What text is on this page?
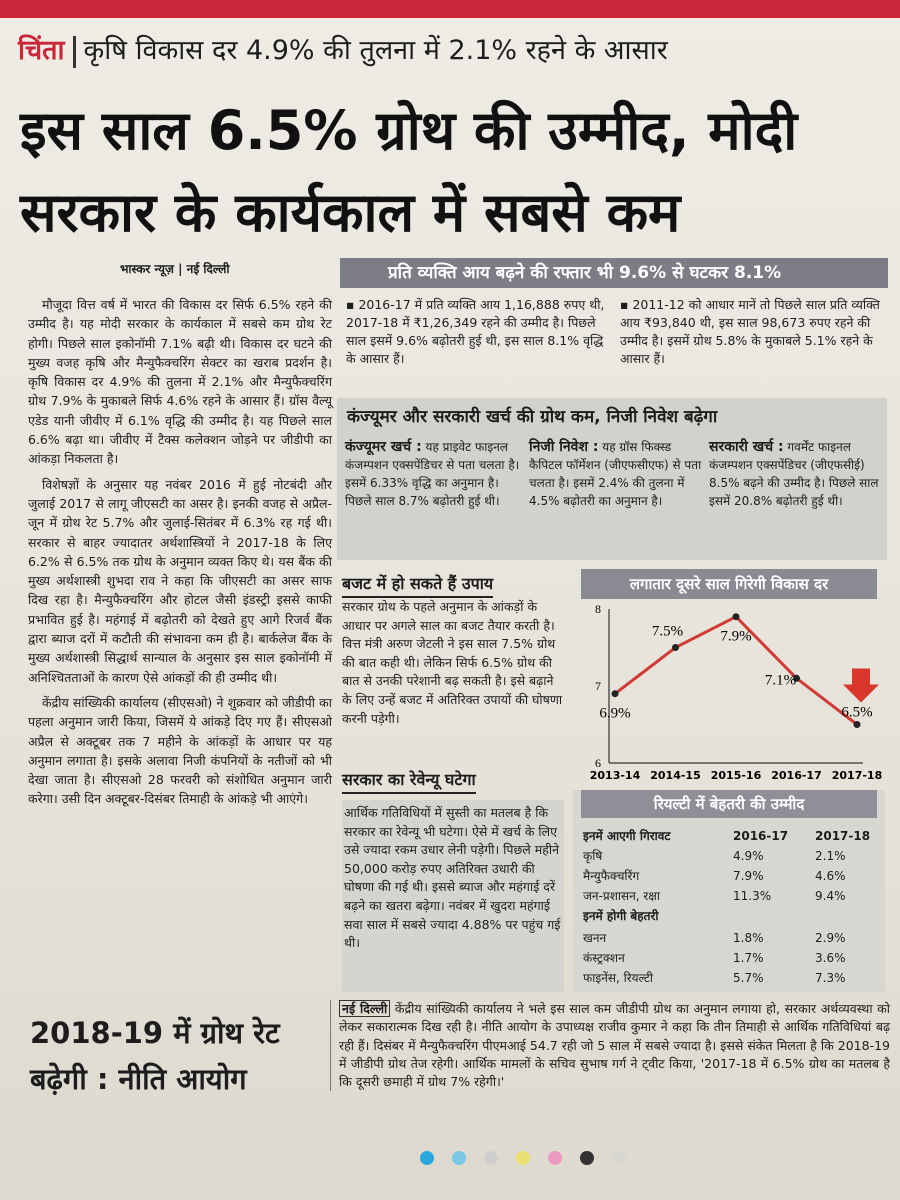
चिंता कृषि विकास दर 4.9% की तुलना में 2.1% रहने के आसार
इस साल 6.5% ग्रोथ की उम्मीद, मोदी
सरकार के कार्यकाल में सबसे कम
भास्कर न्यूज़ | नई दिल्ली

मौजूदा वित्त वर्ष में भारत की विकास दर सिर्फ 6.5% रहने की उम्मीद है। यह मोदी सरकार के कार्यकाल में सबसे कम ग्रोथ रेट होगी। पिछले साल इकोनॉमी 7.1% बढ़ी थी। विकास दर घटने की मुख्य वजह कृषि और मैन्युफैक्चरिंग सेक्टर का खराब प्रदर्शन है। कृषि विकास दर 4.9% की तुलना में 2.1% और मैन्युफैक्चरिंग ग्रोथ 7.9% के मुकाबले सिर्फ 4.6% रहने के आसार हैं। ग्रॉस वैल्यू एडेड यानी जीवीए में 6.1% वृद्धि की उम्मीद है। यह पिछले साल 6.6% बढ़ा था। जीवीए में टैक्स कलेक्शन जोड़ने पर जीडीपी का आंकड़ा निकलता है।

विशेषज्ञों के अनुसार यह नवंबर 2016 में हुई नोटबंदी और जुलाई 2017 से लागू जीएसटी का असर है। इनकी वजह से अप्रैल-जून में ग्रोथ रेट 5.7% और जुलाई-सितंबर में 6.3% रह गई थी। सरकार से बाहर ज्यादातर अर्थशास्त्रियों ने 2017-18 के लिए 6.2% से 6.5% तक ग्रोथ के अनुमान व्यक्त किए थे। यस बैंक की मुख्य अर्थशास्त्री शुभदा राव ने कहा कि जीएसटी का असर साफ दिख रहा है। मैन्युफैक्चरिंग और होटल जैसी इंडस्ट्री इससे काफी प्रभावित हुई है। महंगाई में बढ़ोतरी को देखते हुए आगे रिजर्व बैंक द्वारा ब्याज दरों में कटौती की संभावना कम ही है। बार्कलेज बैंक के मुख्य अर्थशास्त्री सिद्धार्थ सान्याल के अनुसार इस साल इकोनॉमी में अनिश्चितताओं के कारण ऐसे आंकड़ों की ही उम्मीद थी।

केंद्रीय सांख्यिकी कार्यालय (सीएसओ) ने शुक्रवार को जीडीपी का पहला अनुमान जारी किया, जिसमें ये आंकड़े दिए गए हैं। सीएसओ अप्रैल से अक्टूबर तक 7 महीने के आंकड़ों के आधार पर यह अनुमान लगाता है। इसके अलावा निजी कंपनियों के नतीजों को भी देखा जाता है। सीएसओ 28 फरवरी को संशोधित अनुमान जारी करेगा। उसी दिन अक्टूबर-दिसंबर तिमाही के आंकड़े भी आएंगे।

प्रति व्यक्ति आय बढ़ने की रफ्तार भी 9.6% से घटकर 8.1%
▪ 2016-17 में प्रति व्यक्ति आय 1,16,888 रुपए थी, 2017-18 में ₹1,26,349 रहने की उम्मीद है। पिछले साल इसमें 9.6% बढ़ोतरी हुई थी, इस साल 8.1% वृद्धि के आसार हैं।
▪ 2011-12 को आधार मानें तो पिछले साल प्रति व्यक्ति आय ₹93,840 थी, इस साल 98,673 रुपए रहने की उम्मीद है। इसमें ग्रोथ 5.8% के मुकाबले 5.1% रहने के आसार हैं।
कंज्यूमर और सरकारी खर्च की ग्रोथ कम, निजी निवेश बढ़ेगा
कंज्यूमर खर्च : यह प्राइवेट फाइनल कंजम्पशन एक्सपेंडिचर से पता चलता है। इसमें 6.33% वृद्धि का अनुमान है। पिछले साल 8.7% बढ़ोतरी हुई थी।
निजी निवेश : यह ग्रॉस फिक्स्ड कैपिटल फॉर्मेशन (जीएफसीएफ) से पता चलता है। इसमें 2.4% की तुलना में 4.5% बढ़ोतरी का अनुमान है।
सरकारी खर्च : गवर्मेंट फाइनल कंजम्पशन एक्सपेंडिचर (जीएफसीई) 8.5% बढ़ने की उम्मीद है। पिछले साल इसमें 20.8% बढ़ोतरी हुई थी।
बजट में हो सकते हैं उपाय
सरकार ग्रोथ के पहले अनुमान के आंकड़ों के आधार पर अगले साल का बजट तैयार करती है। वित्त मंत्री अरुण जेटली ने इस साल 7.5% ग्रोथ की बात कही थी। लेकिन सिर्फ 6.5% ग्रोथ की बात से उनकी परेशानी बढ़ सकती है। इसे बढ़ाने के लिए उन्हें बजट में अतिरिक्त उपायों की घोषणा करनी पड़ेगी।
सरकार का रेवेन्यू घटेगा
आर्थिक गतिविधियों में सुस्ती का मतलब है कि सरकार का रेवेन्यू भी घटेगा। ऐसे में खर्च के लिए उसे ज्यादा रकम उधार लेनी पड़ेगी। पिछले महीने 50,000 करोड़ रुपए अतिरिक्त उधारी की घोषणा की गई थी। इससे ब्याज और महंगाई दरें बढ़ने का खतरा बढ़ेगा। नवंबर में खुदरा महंगाई सवा साल में सबसे ज्यादा 4.88% पर पहुंच गई थी।
लगातार दूसरे साल गिरेगी विकास दर
6
7
8
2013-14 2014-15 2015-16 2016-17 2017-18
6.9%
7.5% 7.9%
7.1%
6.5%
रियल्टी में बेहतरी की उम्मीद
इनमें आएगी गिरावट	2016-17 2017-18
कृषि	4.9%	2.1%
मैन्युफैक्चरिंग	7.9%	4.6%
जन-प्रशासन, रक्षा	11.3%	9.4%
इनमें होगी बेहतरी
खनन	1.8%	2.9%
कंस्ट्रक्शन	1.7%	3.6%
फाइनेंस, रियल्टी	5.7%	7.3%
2018-19 में ग्रोथ रेट बढ़ेगी : नीति आयोग
नई दिल्ली केंद्रीय सांख्यिकी कार्यालय ने भले इस साल कम जीडीपी ग्रोथ का अनुमान लगाया हो, सरकार अर्थव्यवस्था को लेकर सकारात्मक दिख रही है। नीति आयोग के उपाध्यक्ष राजीव कुमार ने कहा कि तीन तिमाही से आर्थिक गतिविधियां बढ़ रही हैं। दिसंबर में मैन्युफैक्चरिंग पीएमआई 54.7 रही जो 5 साल में सबसे ज्यादा है। इससे संकेत मिलता है कि 2018-19 में जीडीपी ग्रोथ तेज रहेगी। आर्थिक मामलों के सचिव सुभाष गर्ग ने ट्वीट किया, '2017-18 में 6.5% ग्रोथ का मतलब है कि दूसरी छमाही में ग्रोथ 7% रहेगी।'
